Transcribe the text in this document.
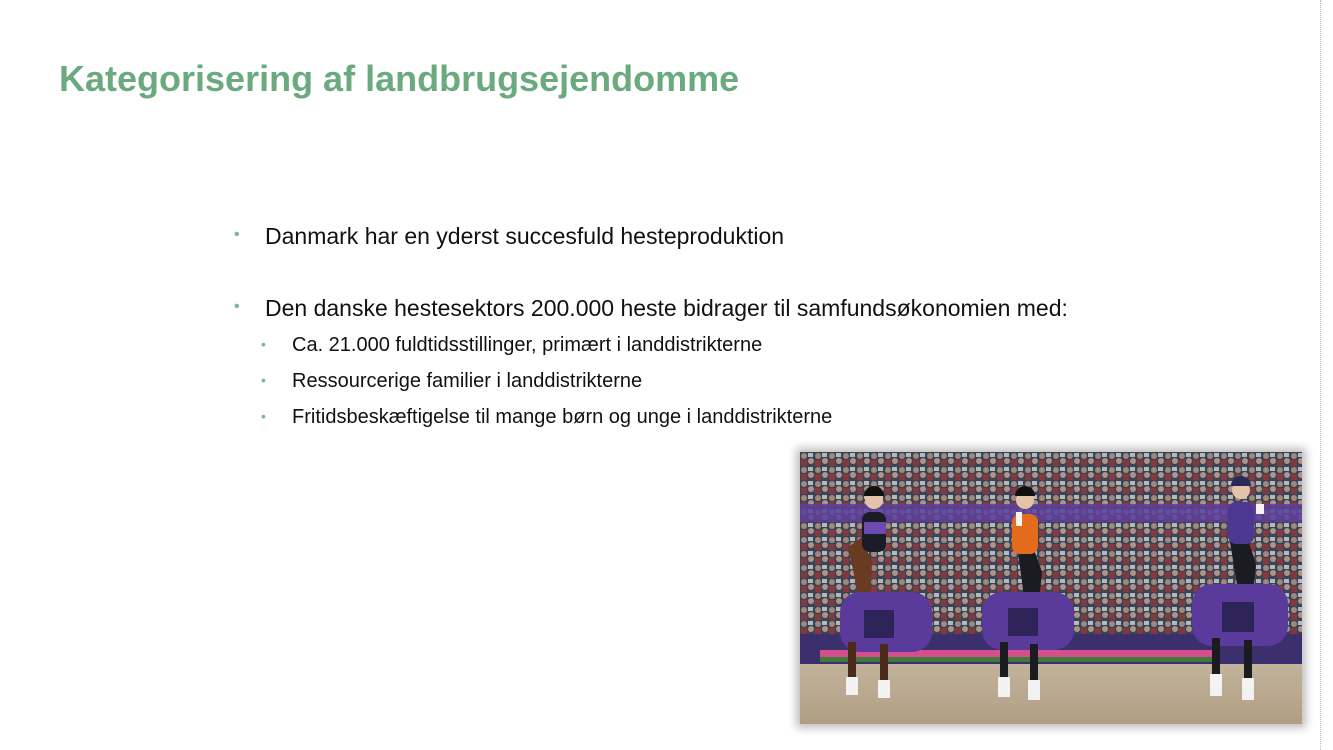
Kategorisering af landbrugsejendomme
• Danmark har en yderst succesfuld hesteproduktion
• Den danske hestesektors 200.000 heste bidrager til samfundsøkonomien med:
• Ca. 21.000 fuldtidsstillinger, primært i landdistrikterne
• Ressourcerige familier i landdistrikterne
• Fritidsbeskæftigelse til mange børn og unge i landdistrikterne
